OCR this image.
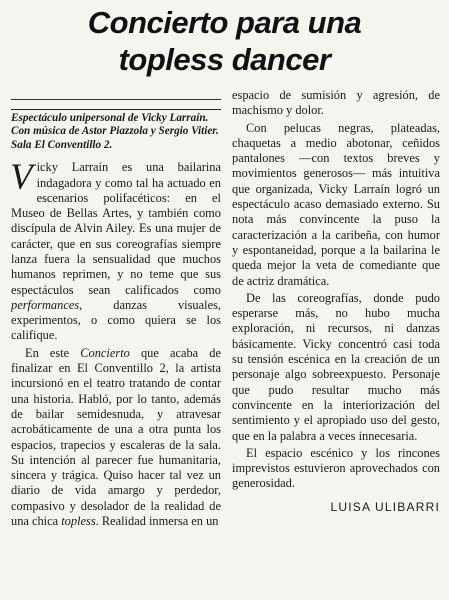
Concierto para una
topless dancer
Espectáculo unipersonal de Vicky Larraín. Con música de Astor Piazzola y Sergio Vitier. Sala El Conventillo 2.

Vicky Larraín es una bailarina indagadora y como tal ha actuado en escenarios polifacéticos: en el Museo de Bellas Artes, y también como discípula de Alvin Ailey. Es una mujer de carácter, que en sus coreografías siempre lanza fuera la sensualidad que muchos humanos reprimen, y no teme que sus espectáculos sean calificados como performances, danzas visuales, experimentos, o como quiera se los califique.

En este Concierto que acaba de finalizar en El Conventillo 2, la artista incursionó en el teatro tratando de contar una historia. Habló, por lo tanto, además de bailar semidesnuda, y atravesar acrobáticamente de una a otra punta los espacios, trapecios y escaleras de la sala. Su intención al parecer fue humanitaria, sincera y trágica. Quiso hacer tal vez un diario de vida amargo y perdedor, compasivo y desolador de la realidad de una chica topless. Realidad inmersa en un

espacio de sumisión y agresión, de machismo y dolor.

Con pelucas negras, plateadas, chaquetas a medio abotonar, ceñidos pantalones —con textos breves y movimientos generosos— más intuitiva que organizada, Vicky Larraín logró un espectáculo acaso demasiado externo. Su nota más convincente la puso la caracterización a la caribeña, con humor y espontaneidad, porque a la bailarina le queda mejor la veta de comediante que de actriz dramática.

De las coreografías, donde pudo esperarse más, no hubo mucha exploración, ni recursos, ni danzas básicamente. Vicky concentró casi toda su tensión escénica en la creación de un personaje algo sobreexpuesto. Personaje que pudo resultar mucho más convincente en la interiorización del sentimiento y el apropiado uso del gesto, que en la palabra a veces innecesaria.

El espacio escénico y los rincones imprevistos estuvieron aprovechados con generosidad.

LUISA ULIBARRI
